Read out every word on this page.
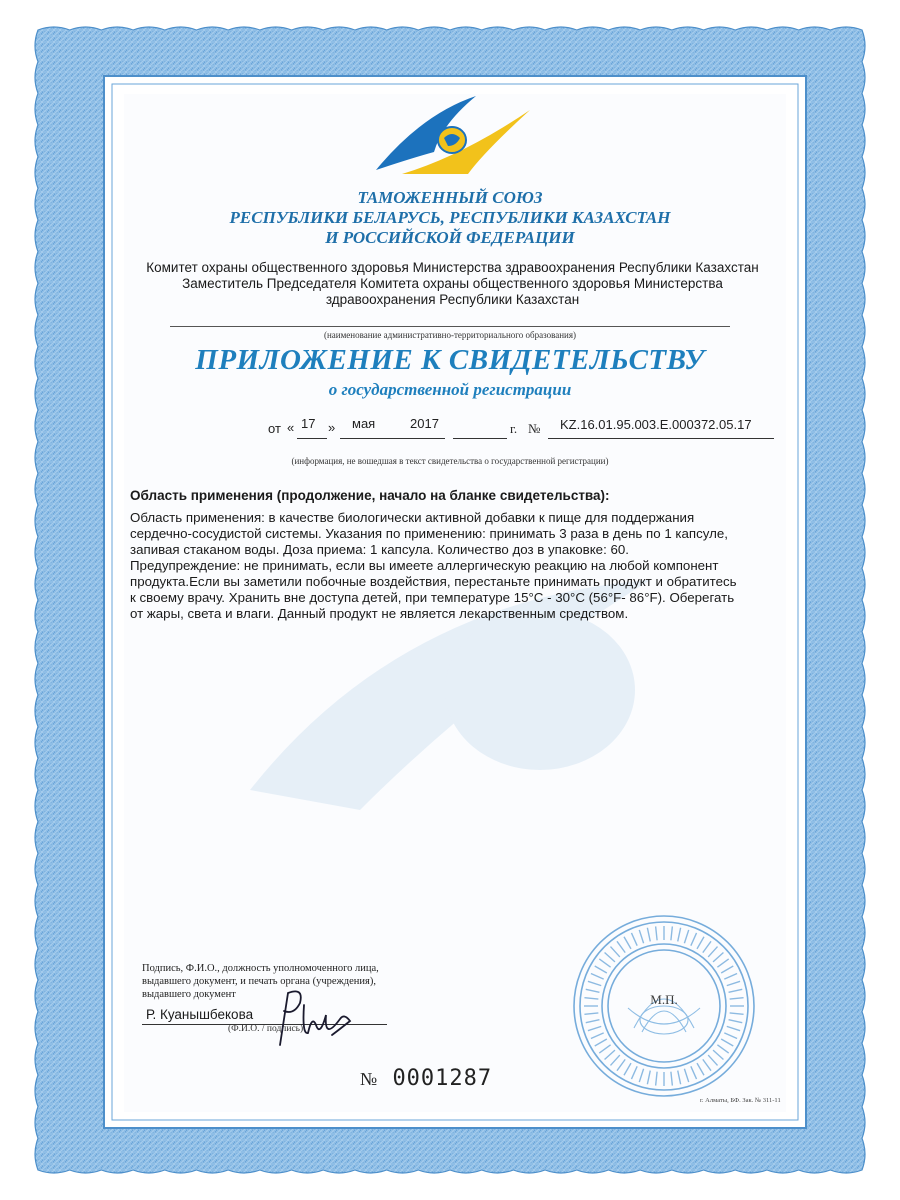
ТАМОЖЕННЫЙ СОЮЗ
РЕСПУБЛИКИ БЕЛАРУСЬ, РЕСПУБЛИКИ КАЗАХСТАН
И РОССИЙСКОЙ ФЕДЕРАЦИИ
Комитет охраны общественного здоровья Министерства здравоохранения Республики Казахстан
Заместитель Председателя Комитета охраны общественного здоровья Министерства
здравоохранения Республики Казахстан
(наименование административно-территориального образования)
ПРИЛОЖЕНИЕ К СВИДЕТЕЛЬСТВУ
о государственной регистрации
от « 17 » мая	2017	г. № KZ.16.01.95.003.E.000372.05.17
(информация, не вошедшая в текст свидетельства о государственной регистрации)

Область применения (продолжение, начало на бланке свидетельства):

Область применения: в качестве биологически активной добавки к пище для поддержания

сердечно-сосудистой системы. Указания по применению: принимать 3 раза в день по 1 капсуле,

запивая стаканом воды. Доза приема: 1 капсула. Количество доз в упаковке: 60.

Предупреждение: не принимать, если вы имеете аллергическую реакцию на любой компонент

продукта.Если вы заметили побочные воздействия, перестаньте принимать продукт и обратитесь

к своему врачу. Хранить вне доступа детей, при температуре 15°С - 30°С (56°F- 86°F). Оберегать

от жары, света и влаги. Данный продукт не является лекарственным средством.

Подпись, Ф.И.О., должность уполномоченного лица,
выдавшего документ, и печать органа (учреждения),
выдавшего документ
Р. Куанышбекова
(Ф.И.О. / подпись)
№ 0001287
М.П.
г. Алматы, БФ. Зак. № 311-11
